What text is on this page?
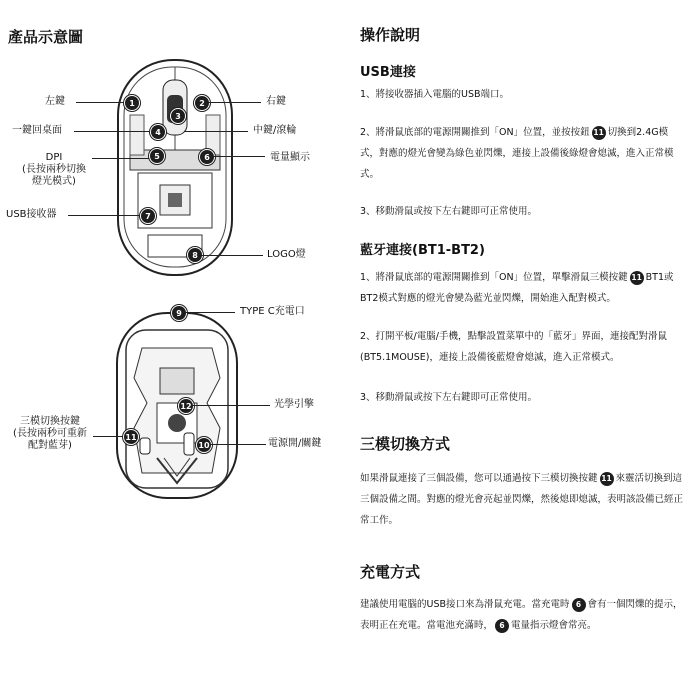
產品示意圖
1	2
3
4
5	6
7
8
9
10
11
12
左鍵
一鍵回桌面
DPI
(長按兩秒切換
燈光模式)
USB接收器
右鍵
中鍵/滾輪
電量顯示
LOGO燈
TYPE C充電口
光學引擎
電源開/關鍵
三模切換按鍵
(長按兩秒可重新
配對藍芽)
操作說明
USB連接
1、將接收器插入電腦的USB端口。
2、將滑鼠底部的電源開關推到「ON」位置，並按按鈕 11 切換到2.4G模式，對應的燈光會變為綠色並閃爍，連接上設備後綠燈會熄滅，進入正常模式。
3、移動滑鼠或按下左右鍵即可正常使用。
藍牙連接(BT1-BT2)
1、將滑鼠底部的電源開關推到「ON」位置，單擊滑鼠三模按鍵 11 BT1或BT2模式對應的燈光會變為藍光並閃爍，開始進入配對模式。
2、打開平板/電腦/手機，點擊設置菜單中的「藍牙」界面，連接配對滑鼠(BT5.1MOUSE)，連接上設備後藍燈會熄滅，進入正常模式。
3、移動滑鼠或按下左右鍵即可正常使用。
三模切換方式
如果滑鼠連接了三個設備，您可以通過按下三模切換按鍵 11 來靈活切換到這三個設備之間。對應的燈光會亮起並閃爍，然後熄即熄滅，表明該設備已經正常工作。
充電方式
建議使用電腦的USB接口來為滑鼠充電。當充電時 6 會有一個閃爍的提示，表明正在充電。當電池充滿時， 6 電量指示燈會常亮。
